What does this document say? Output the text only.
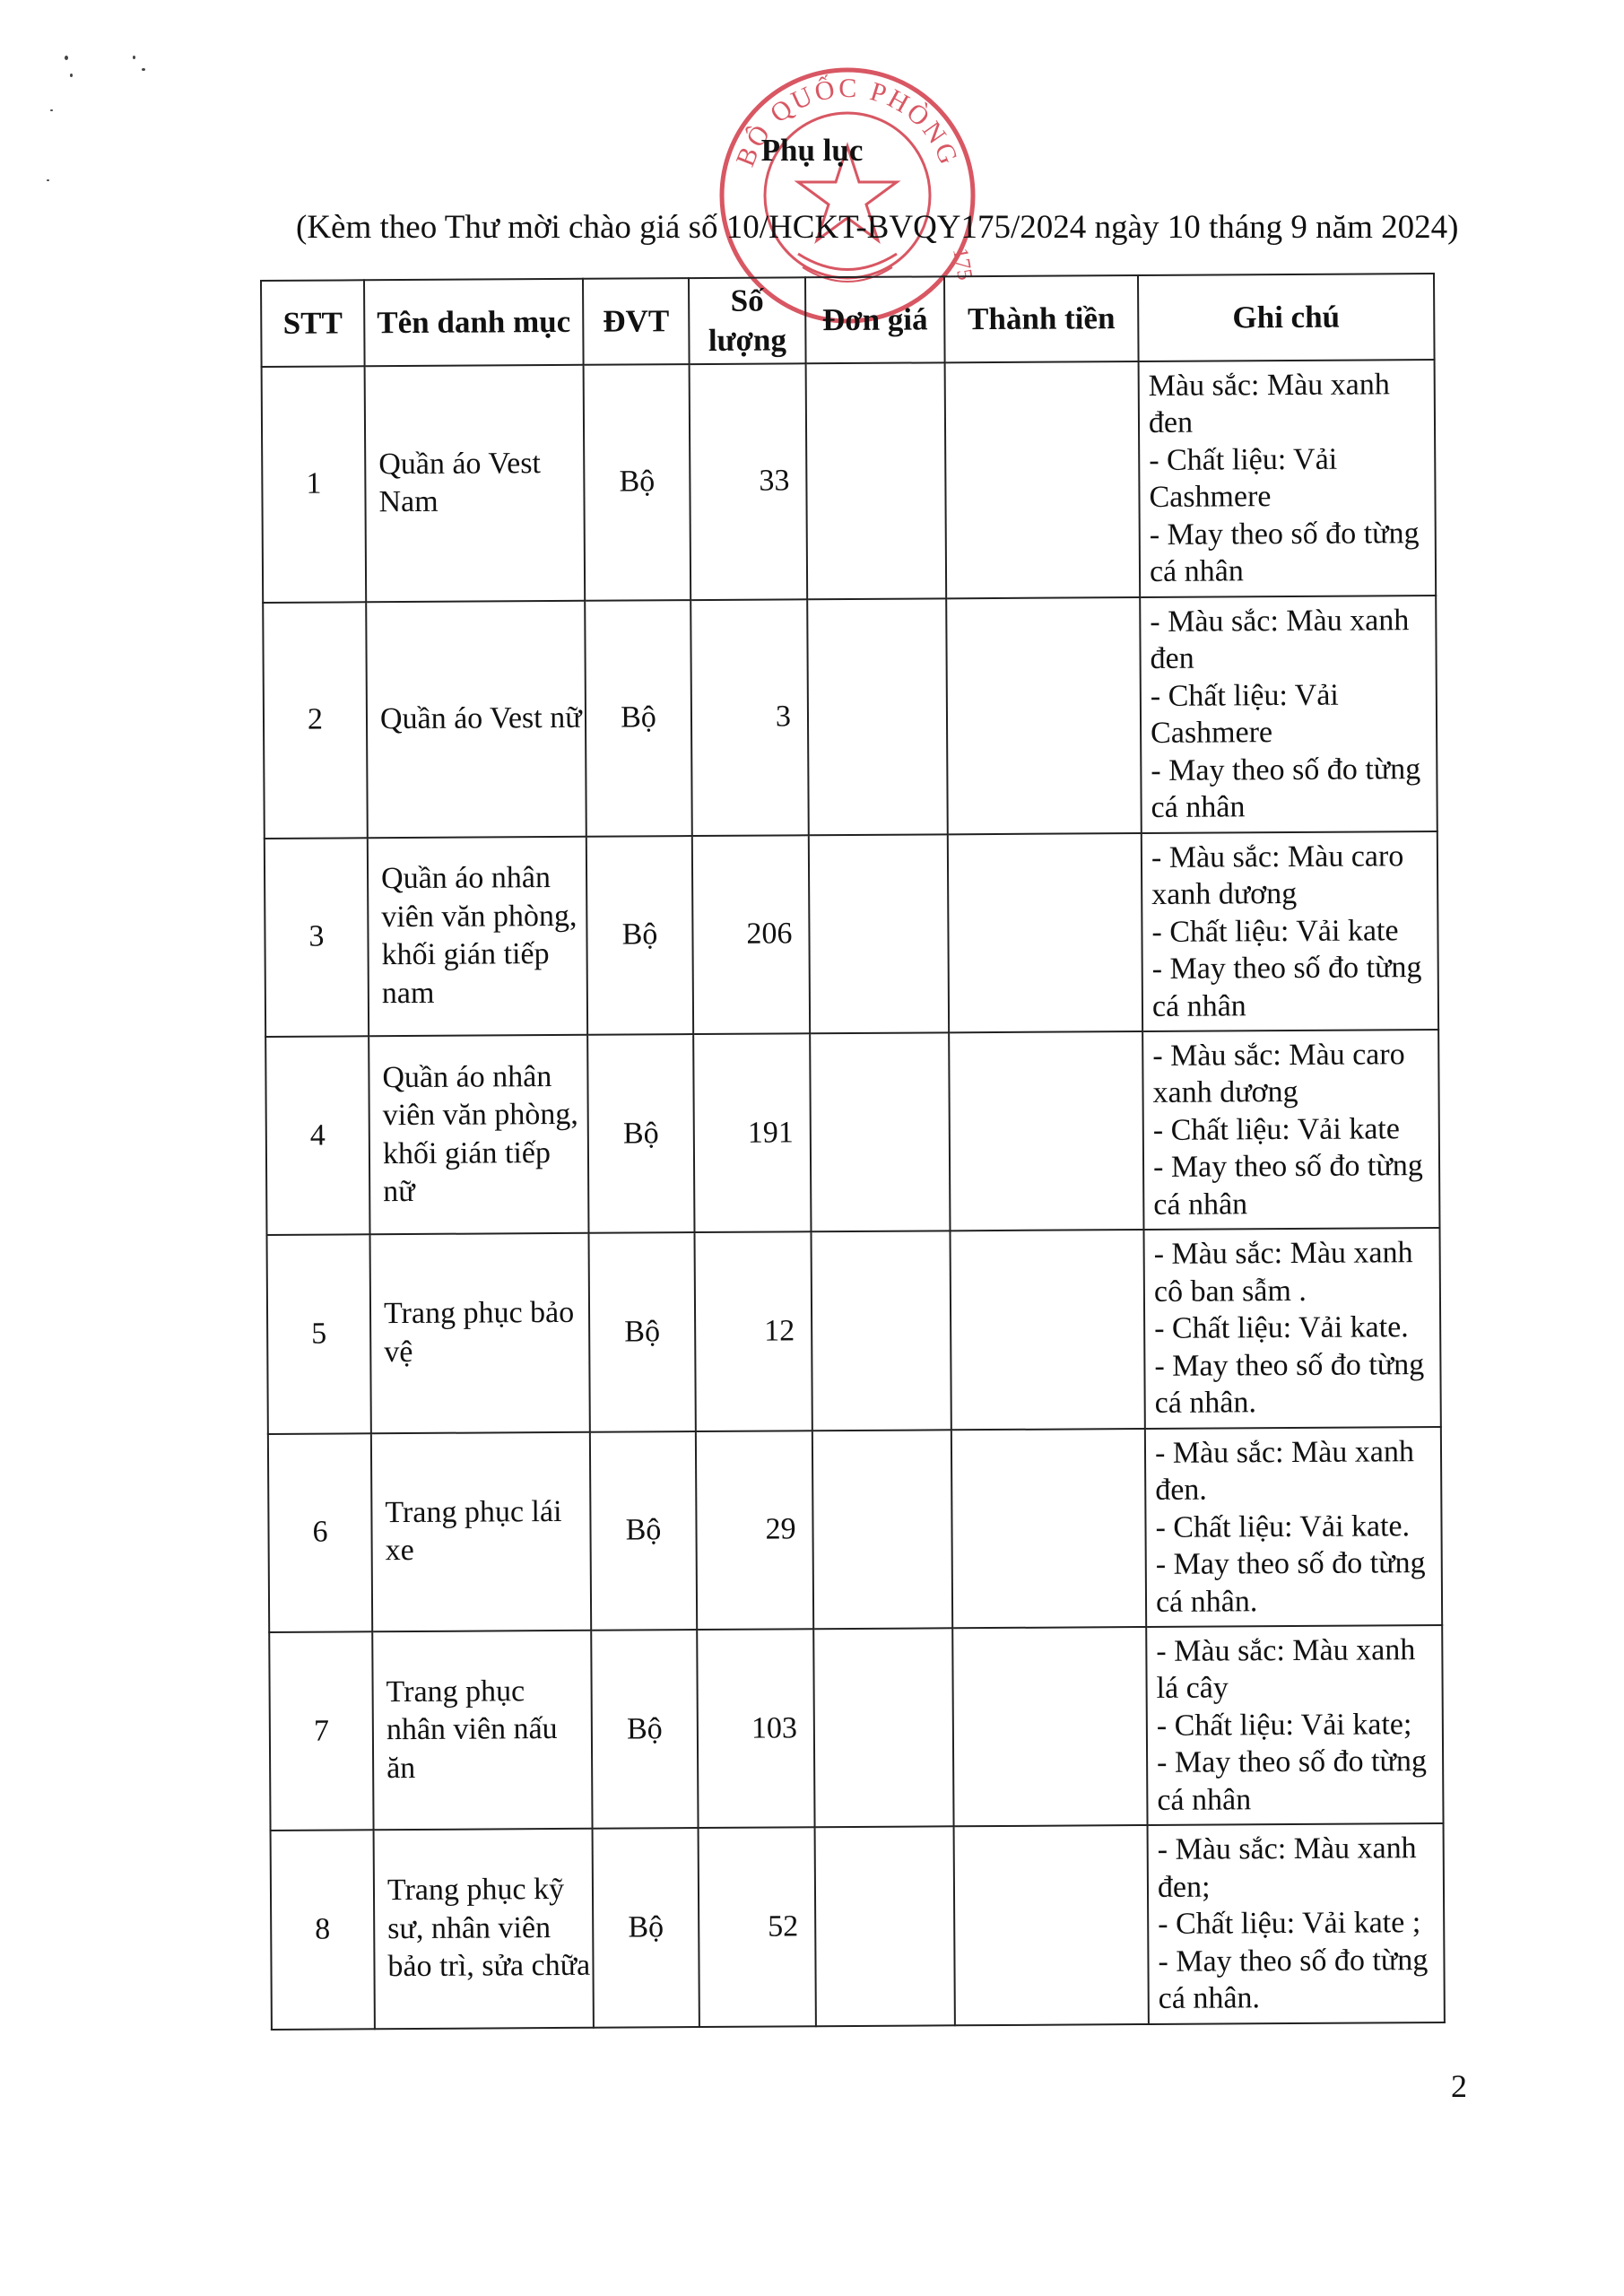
BỘ QUỐC PHÒNG
175
Phụ lục
(Kèm theo Thư mời chào giá số 10/HCKT-BVQY175/2024 ngày 10 tháng 9 năm 2024)
STT	Tên danh mục	ĐVT	Số lượng	Đơn giá	Thành tiền	Ghi chú
1	Quần áo Vest Nam	Bộ	33			Màu sắc: Màu xanh đen
- Chất liệu: Vải Cashmere
- May theo số đo từng cá nhân

2	Quần áo Vest nữ	Bộ	3			- Màu sắc: Màu xanh đen
- Chất liệu: Vải Cashmere
- May theo số đo từng cá nhân

3	Quần áo nhân viên văn phòng, khối gián tiếp nam	Bộ	206			- Màu sắc: Màu caro xanh dương
- Chất liệu: Vải kate
- May theo số đo từng cá nhân

4	Quần áo nhân viên văn phòng, khối gián tiếp nữ	Bộ	191			- Màu sắc: Màu caro xanh dương
- Chất liệu: Vải kate
- May theo số đo từng cá nhân

5	Trang phục bảo vệ	Bộ	12			- Màu sắc: Màu xanh cô ban sẫm .
- Chất liệu: Vải kate.
- May theo số đo từng cá nhân.

6	Trang phục lái xe	Bộ	29			- Màu sắc: Màu xanh đen.
- Chất liệu: Vải kate.
- May theo số đo từng cá nhân.

7	Trang phục nhân viên nấu ăn	Bộ	103			- Màu sắc: Màu xanh lá cây
- Chất liệu: Vải kate;
- May theo số đo từng cá nhân

8	Trang phục kỹ sư, nhân viên bảo trì, sửa chữa	Bộ	52			- Màu sắc: Màu xanh đen;
- Chất liệu: Vải kate ;
- May theo số đo từng cá nhân.
2
